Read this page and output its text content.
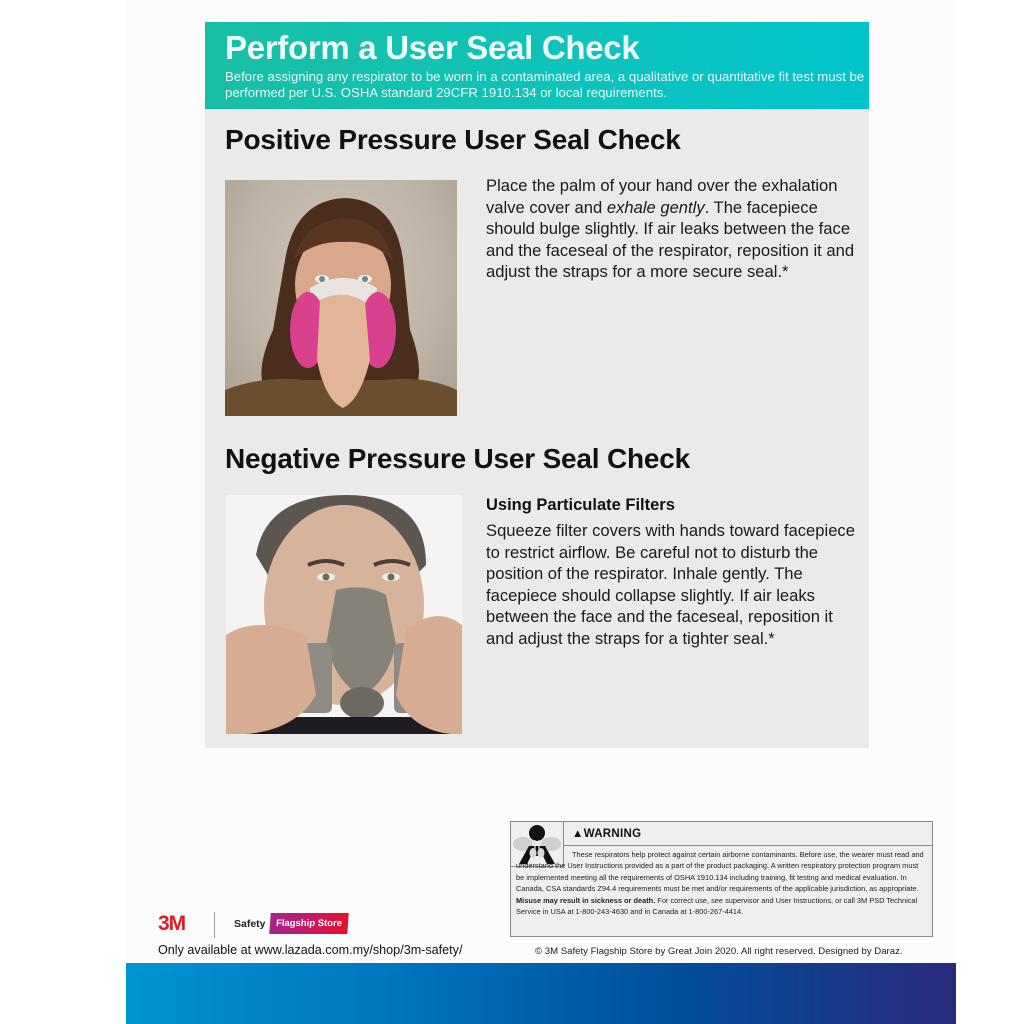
Perform a User Seal Check
Before assigning any respirator to be worn in a contaminated area, a qualitative or quantitative fit test must be performed per U.S. OSHA standard 29CFR 1910.134 or local requirements.
Positive Pressure User Seal Check
Place the palm of your hand over the exhalation valve cover and exhale gently. The facepiece should bulge slightly. If air leaks between the face and the faceseal of the respirator, reposition it and adjust the straps for a more secure seal.*
Negative Pressure User Seal Check
Using Particulate Filters
Squeeze filter covers with hands toward facepiece to restrict airflow. Be careful not to disturb the position of the respirator. Inhale gently. The facepiece should collapse slightly. If air leaks between the face and the faceseal, reposition it and adjust the straps for a tighter seal.*
▲WARNING
These respirators help protect against certain airborne contaminants. Before use, the wearer must read and understand the User Instructions provided as a part of the product packaging. A written respiratory protection program must be implemented meeting all the requirements of OSHA 1910.134 including training, fit testing and medical evaluation. In Canada, CSA standards Z94.4 requirements must be met and/or requirements of the applicable jurisdiction, as appropriate. Misuse may result in sickness or death. For correct use, see supervisor and User Instructions, or call 3M PSD Technical Service in USA at 1-800-243-4630 and in Canada at 1-800-267-4414.
3M	Safety	Flagship Store
Only available at www.lazada.com.my/shop/3m-safety/	© 3M Safety Flagship Store by Great Join 2020. All right reserved. Designed by Daraz.
